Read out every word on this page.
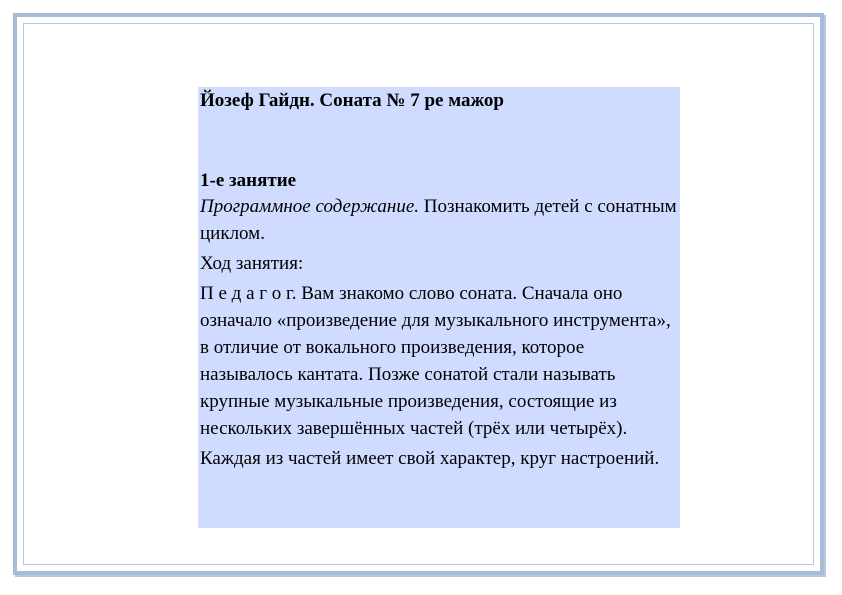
Йозеф Гайдн. Соната № 7 ре мажор

1-е занятие

Программное содержание. Познакомить детей с сонатным циклом.

Ход занятия:

П е д а г о г. Вам знакомо слово соната. Сначала оно означало «произведение для музыкального инструмента», в отличие от вокального произведения, которое называлось кантата. Позже сонатой стали называть крупные музыкальные произведения, состоящие из нескольких завершённых частей (трёх или четырёх).

Каждая из частей имеет свой характер, круг настроений.
